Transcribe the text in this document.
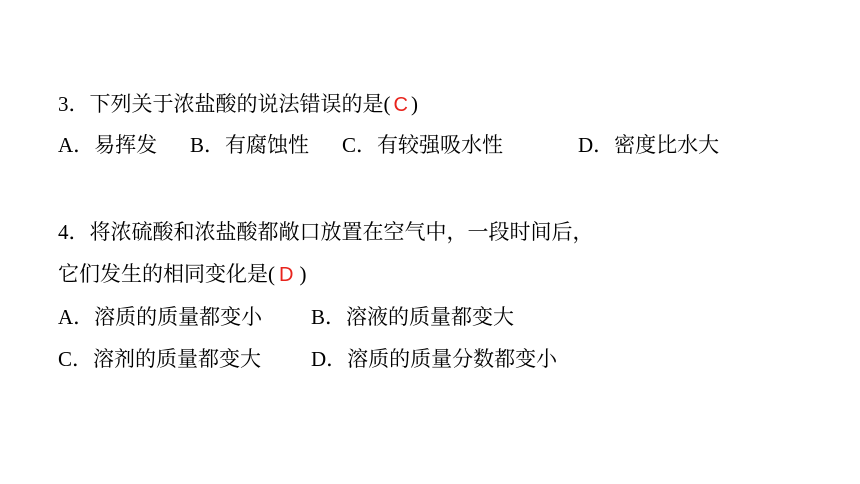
3．下列关于浓盐酸的说法错误的是( C )
A．易挥发 B．有腐蚀性 C．有较强吸水性	D．密度比水大
4．将浓硫酸和浓盐酸都敞口放置在空气中，一段时间后，
它们发生的相同变化是( D )
A．溶质的质量都变小 B．溶液的质量都变大
C．溶剂的质量都变大 D．溶质的质量分数都变小
